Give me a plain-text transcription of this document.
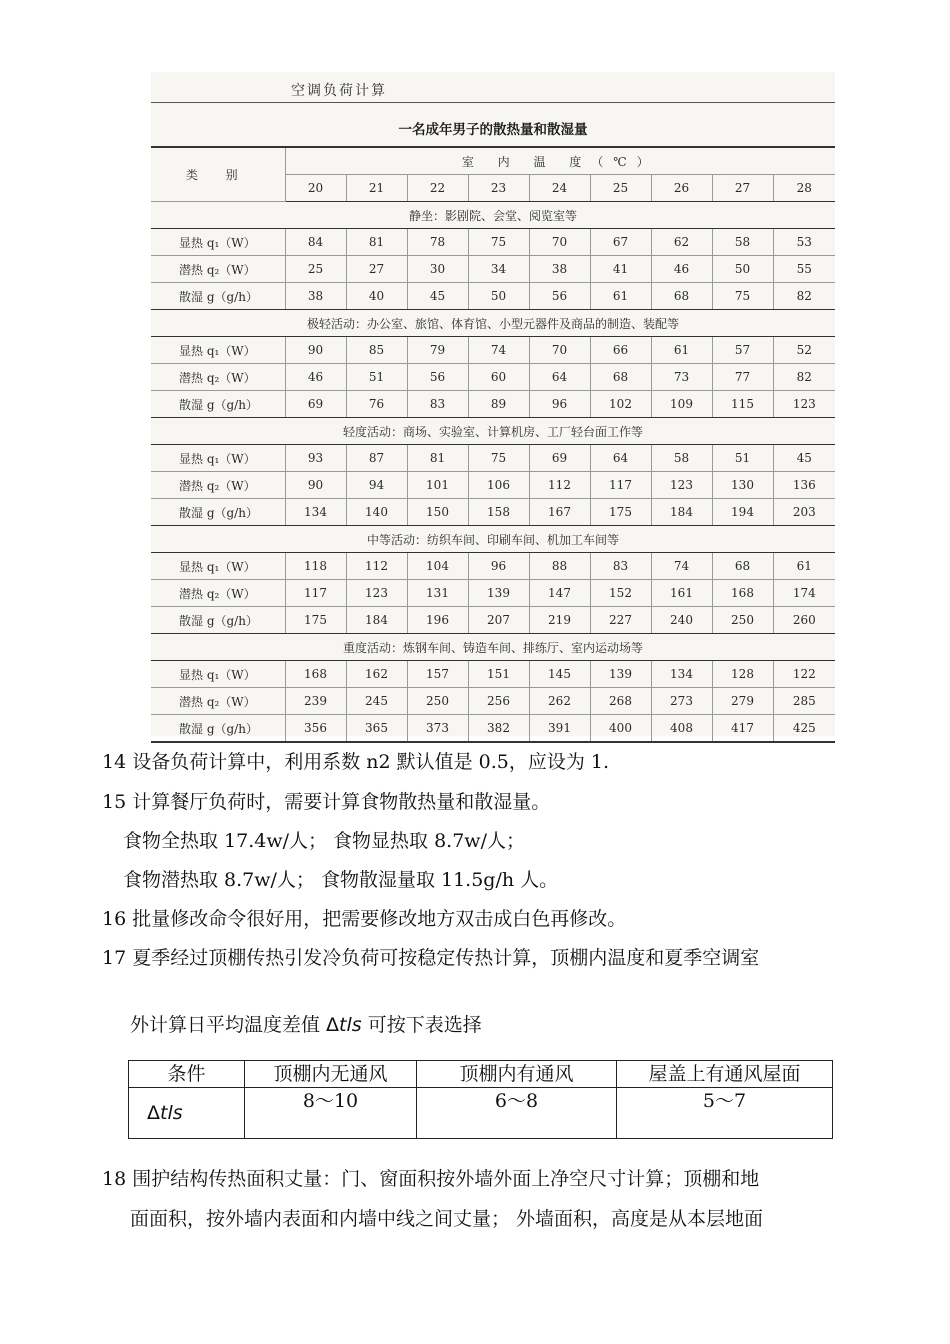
空调负荷计算
一名成年男子的散热量和散湿量
类 别	室 内 温 度（℃）								
	20	21	22	23	24	25	26	27	28
静坐：影剧院、会堂、阅览室等									
显热 q₁（W）	84	81	78	75	70	67	62	58	53
潜热 q₂（W）	25	27	30	34	38	41	46	50	55
散湿 g（g/h）	38	40	45	50	56	61	68	75	82
极轻活动：办公室、旅馆、体育馆、小型元器件及商品的制造、装配等									
显热 q₁（W）	90	85	79	74	70	66	61	57	52
潜热 q₂（W）	46	51	56	60	64	68	73	77	82
散湿 g（g/h）	69	76	83	89	96	102	109	115	123
轻度活动：商场、实验室、计算机房、工厂轻台面工作等									
显热 q₁（W）	93	87	81	75	69	64	58	51	45
潜热 q₂（W）	90	94	101	106	112	117	123	130	136
散湿 g（g/h）	134	140	150	158	167	175	184	194	203
中等活动：纺织车间、印刷车间、机加工车间等									
显热 q₁（W）	118	112	104	96	88	83	74	68	61
潜热 q₂（W）	117	123	131	139	147	152	161	168	174
散湿 g（g/h）	175	184	196	207	219	227	240	250	260
重度活动：炼钢车间、铸造车间、排练厅、室内运动场等									
显热 q₁（W）	168	162	157	151	145	139	134	128	122
潜热 q₂（W）	239	245	250	256	262	268	273	279	285
散湿 g（g/h）	356	365	373	382	391	400	408	417	425
14 设备负荷计算中，利用系数 n2 默认值是 0.5，应设为 1.
15 计算餐厅负荷时，需要计算食物散热量和散湿量。
食物全热取 17.4w/人； 食物显热取 8.7w/人；
食物潜热取 8.7w/人； 食物散湿量取 11.5g/h 人。
16 批量修改命令很好用，把需要修改地方双击成白色再修改。
17 夏季经过顶棚传热引发冷负荷可按稳定传热计算，顶棚内温度和夏季空调室
外计算日平均温度差值 Δtls 可按下表选择
条件	顶棚内无通风	顶棚内有通风	屋盖上有通风屋面
Δtls	8～10	6～8	5～7
18 围护结构传热面积丈量：门、窗面积按外墙外面上净空尺寸计算；顶棚和地
面面积，按外墙内表面和内墙中线之间丈量； 外墙面积，高度是从本层地面
